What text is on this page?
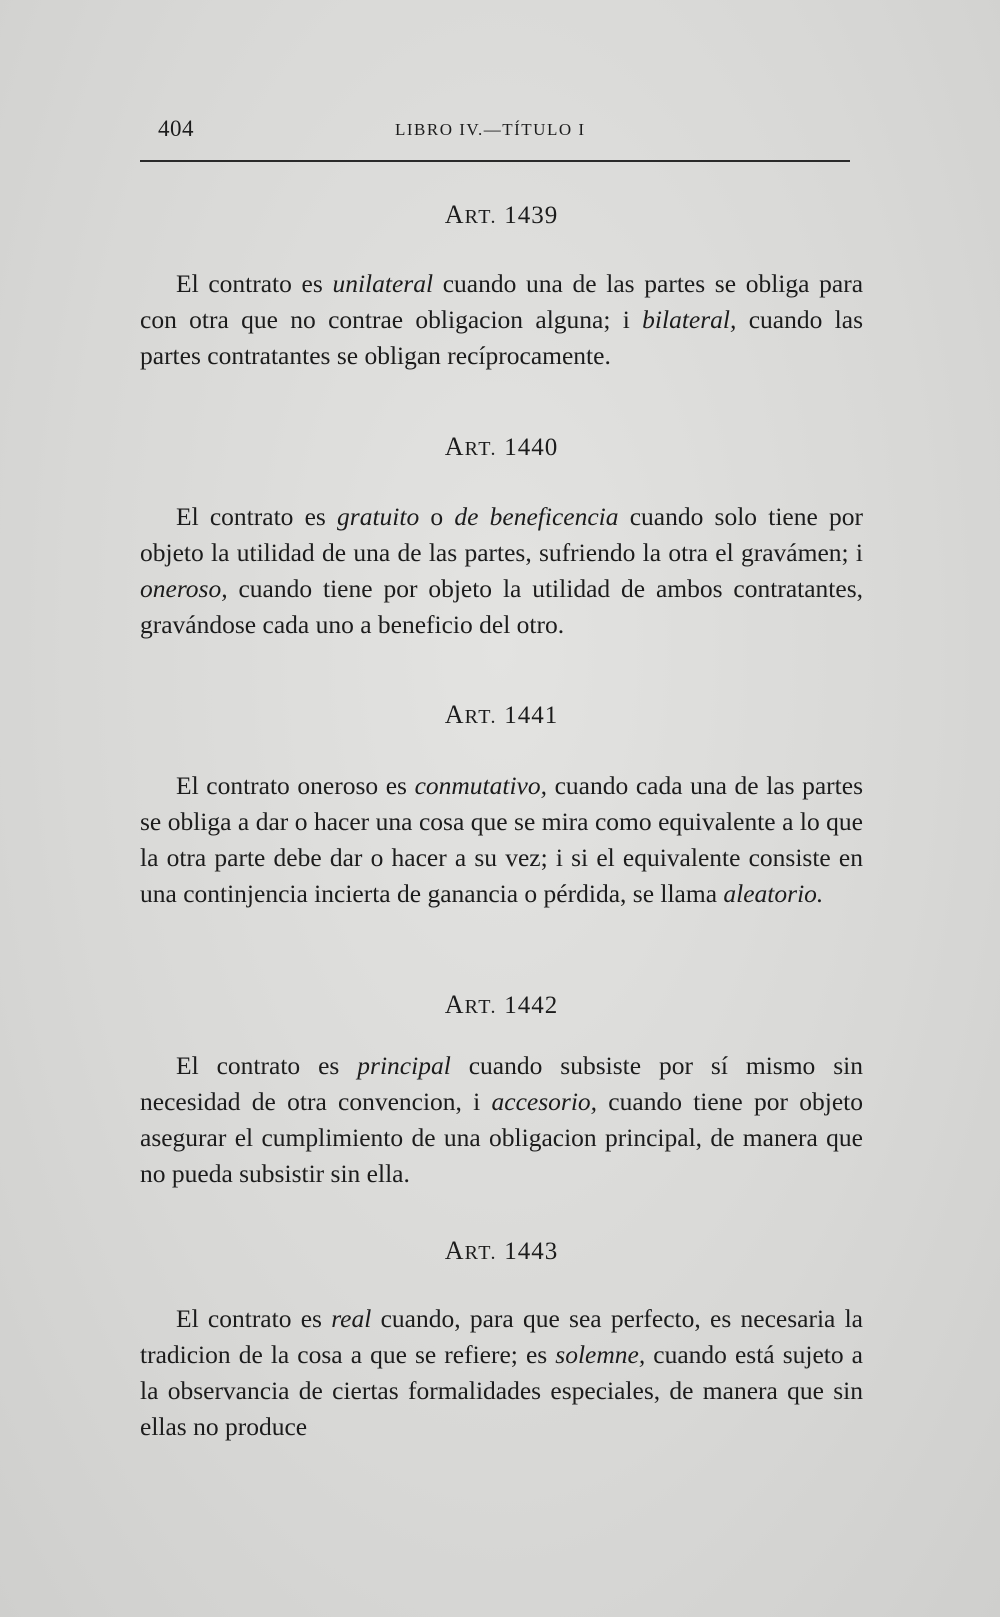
404	LIBRO IV.—TÍTULO I

ART. 1439

El contrato es unilateral cuando una de las partes se obliga para con otra que no contrae obligacion alguna; i bilateral, cuando las partes contratantes se obligan recíprocamente.

ART. 1440

El contrato es gratuito o de beneficencia cuando solo tiene por objeto la utilidad de una de las partes, sufriendo la otra el gravámen; i oneroso, cuando tiene por objeto la utilidad de ambos contratantes, gravándose cada uno a beneficio del otro.

ART. 1441

El contrato oneroso es conmutativo, cuando cada una de las partes se obliga a dar o hacer una cosa que se mira como equivalente a lo que la otra parte debe dar o hacer a su vez; i si el equivalente consiste en una continjencia incierta de ganancia o pérdida, se llama aleatorio.

ART. 1442

El contrato es principal cuando subsiste por sí mismo sin necesidad de otra convencion, i accesorio, cuando tiene por objeto asegurar el cumplimiento de una obligacion principal, de manera que no pueda subsistir sin ella.

ART. 1443

El contrato es real cuando, para que sea perfecto, es necesaria la tradicion de la cosa a que se refiere; es solemne, cuando está sujeto a la observancia de ciertas formalidades especiales, de manera que sin ellas no produce
